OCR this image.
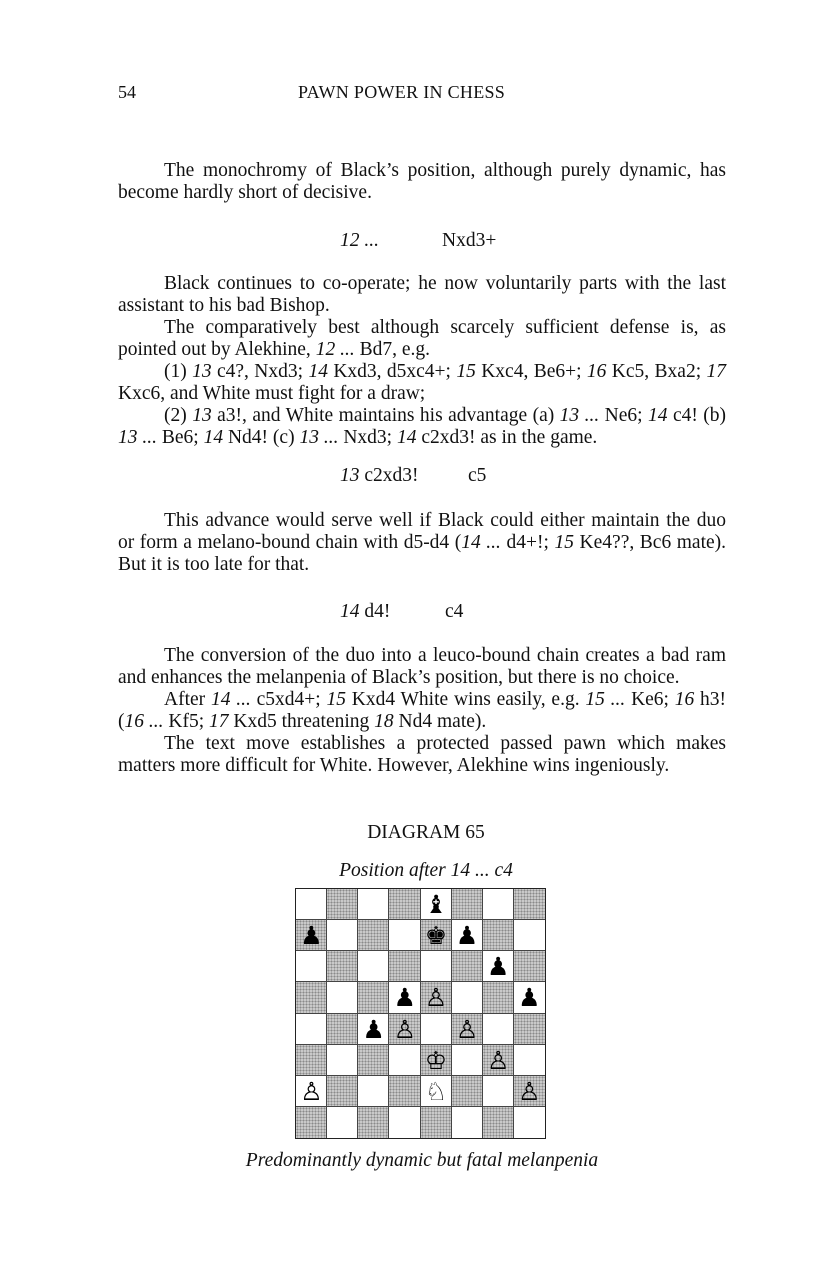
54	PAWN POWER IN CHESS

The monochromy of Black’s position, although purely dynamic, has become hardly short of decisive.

12 ...	Nxd3+

Black continues to co-operate; he now voluntarily parts with the last assistant to his bad Bishop.

The comparatively best although scarcely sufficient defense is, as pointed out by Alekhine, 12 ... Bd7, e.g.

(1) 13 c4?, Nxd3; 14 Kxd3, d5xc4+; 15 Kxc4, Be6+; 16 Kc5, Bxa2; 17 Kxc6, and White must fight for a draw;

(2) 13 a3!, and White maintains his advantage (a) 13 ... Ne6; 14 c4! (b) 13 ... Be6; 14 Nd4! (c) 13 ... Nxd3; 14 c2xd3! as in the game.

13 c2xd3!	c5

This advance would serve well if Black could either maintain the duo or form a melano-bound chain with d5-d4 (14 ... d4+!; 15 Ke4??, Bc6 mate). But it is too late for that.

14 d4!	c4

The conversion of the duo into a leuco-bound chain creates a bad ram and enhances the melanpenia of Black’s position, but there is no choice.

After 14 ... c5xd4+; 15 Kxd4 White wins easily, e.g. 15 ... Ke6; 16 h3! (16 ... Kf5; 17 Kxd5 threatening 18 Nd4 mate).

The text move establishes a protected passed pawn which makes matters more difficult for White. However, Alekhine wins ingeniously.

DIAGRAM 65
Position after 14 ... c4
♝
♟	♚ ♟
♟
♟ ♙	♟
♟ ♙ ♙
♔ ♙
♙	♘	♙
Predominantly dynamic but fatal melanpenia
